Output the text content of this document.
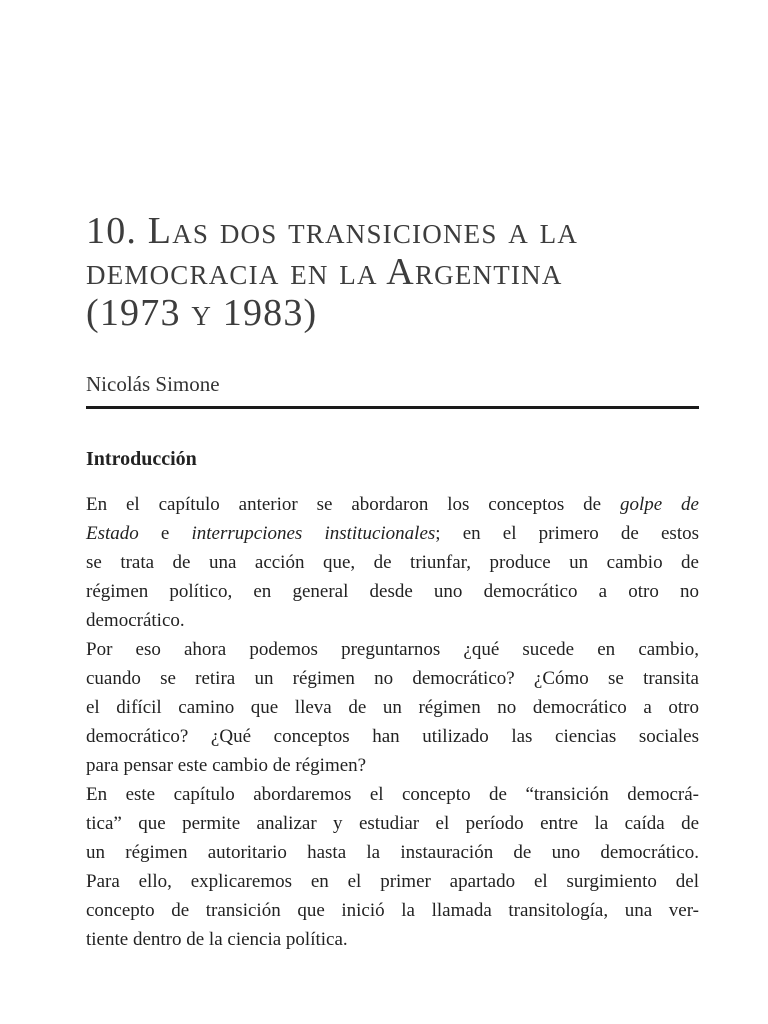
10. Las dos transiciones a la
democracia en la Argentina
(1973 y 1983)

Nicolás Simone

Introducción
En el capítulo anterior se abordaron los conceptos de golpe de
Estado e interrupciones institucionales; en el primero de estos
se trata de una acción que, de triunfar, produce un cambio de
régimen político, en general desde uno democrático a otro no
democrático.
Por eso ahora podemos preguntarnos ¿qué sucede en cambio,
cuando se retira un régimen no democrático? ¿Cómo se transita
el difícil camino que lleva de un régimen no democrático a otro
democrático? ¿Qué conceptos han utilizado las ciencias sociales
para pensar este cambio de régimen?
En este capítulo abordaremos el concepto de “transición democrá-
tica” que permite analizar y estudiar el período entre la caída de
un régimen autoritario hasta la instauración de uno democrático.
Para ello, explicaremos en el primer apartado el surgimiento del
concepto de transición que inició la llamada transitología, una ver-
tiente dentro de la ciencia política.
